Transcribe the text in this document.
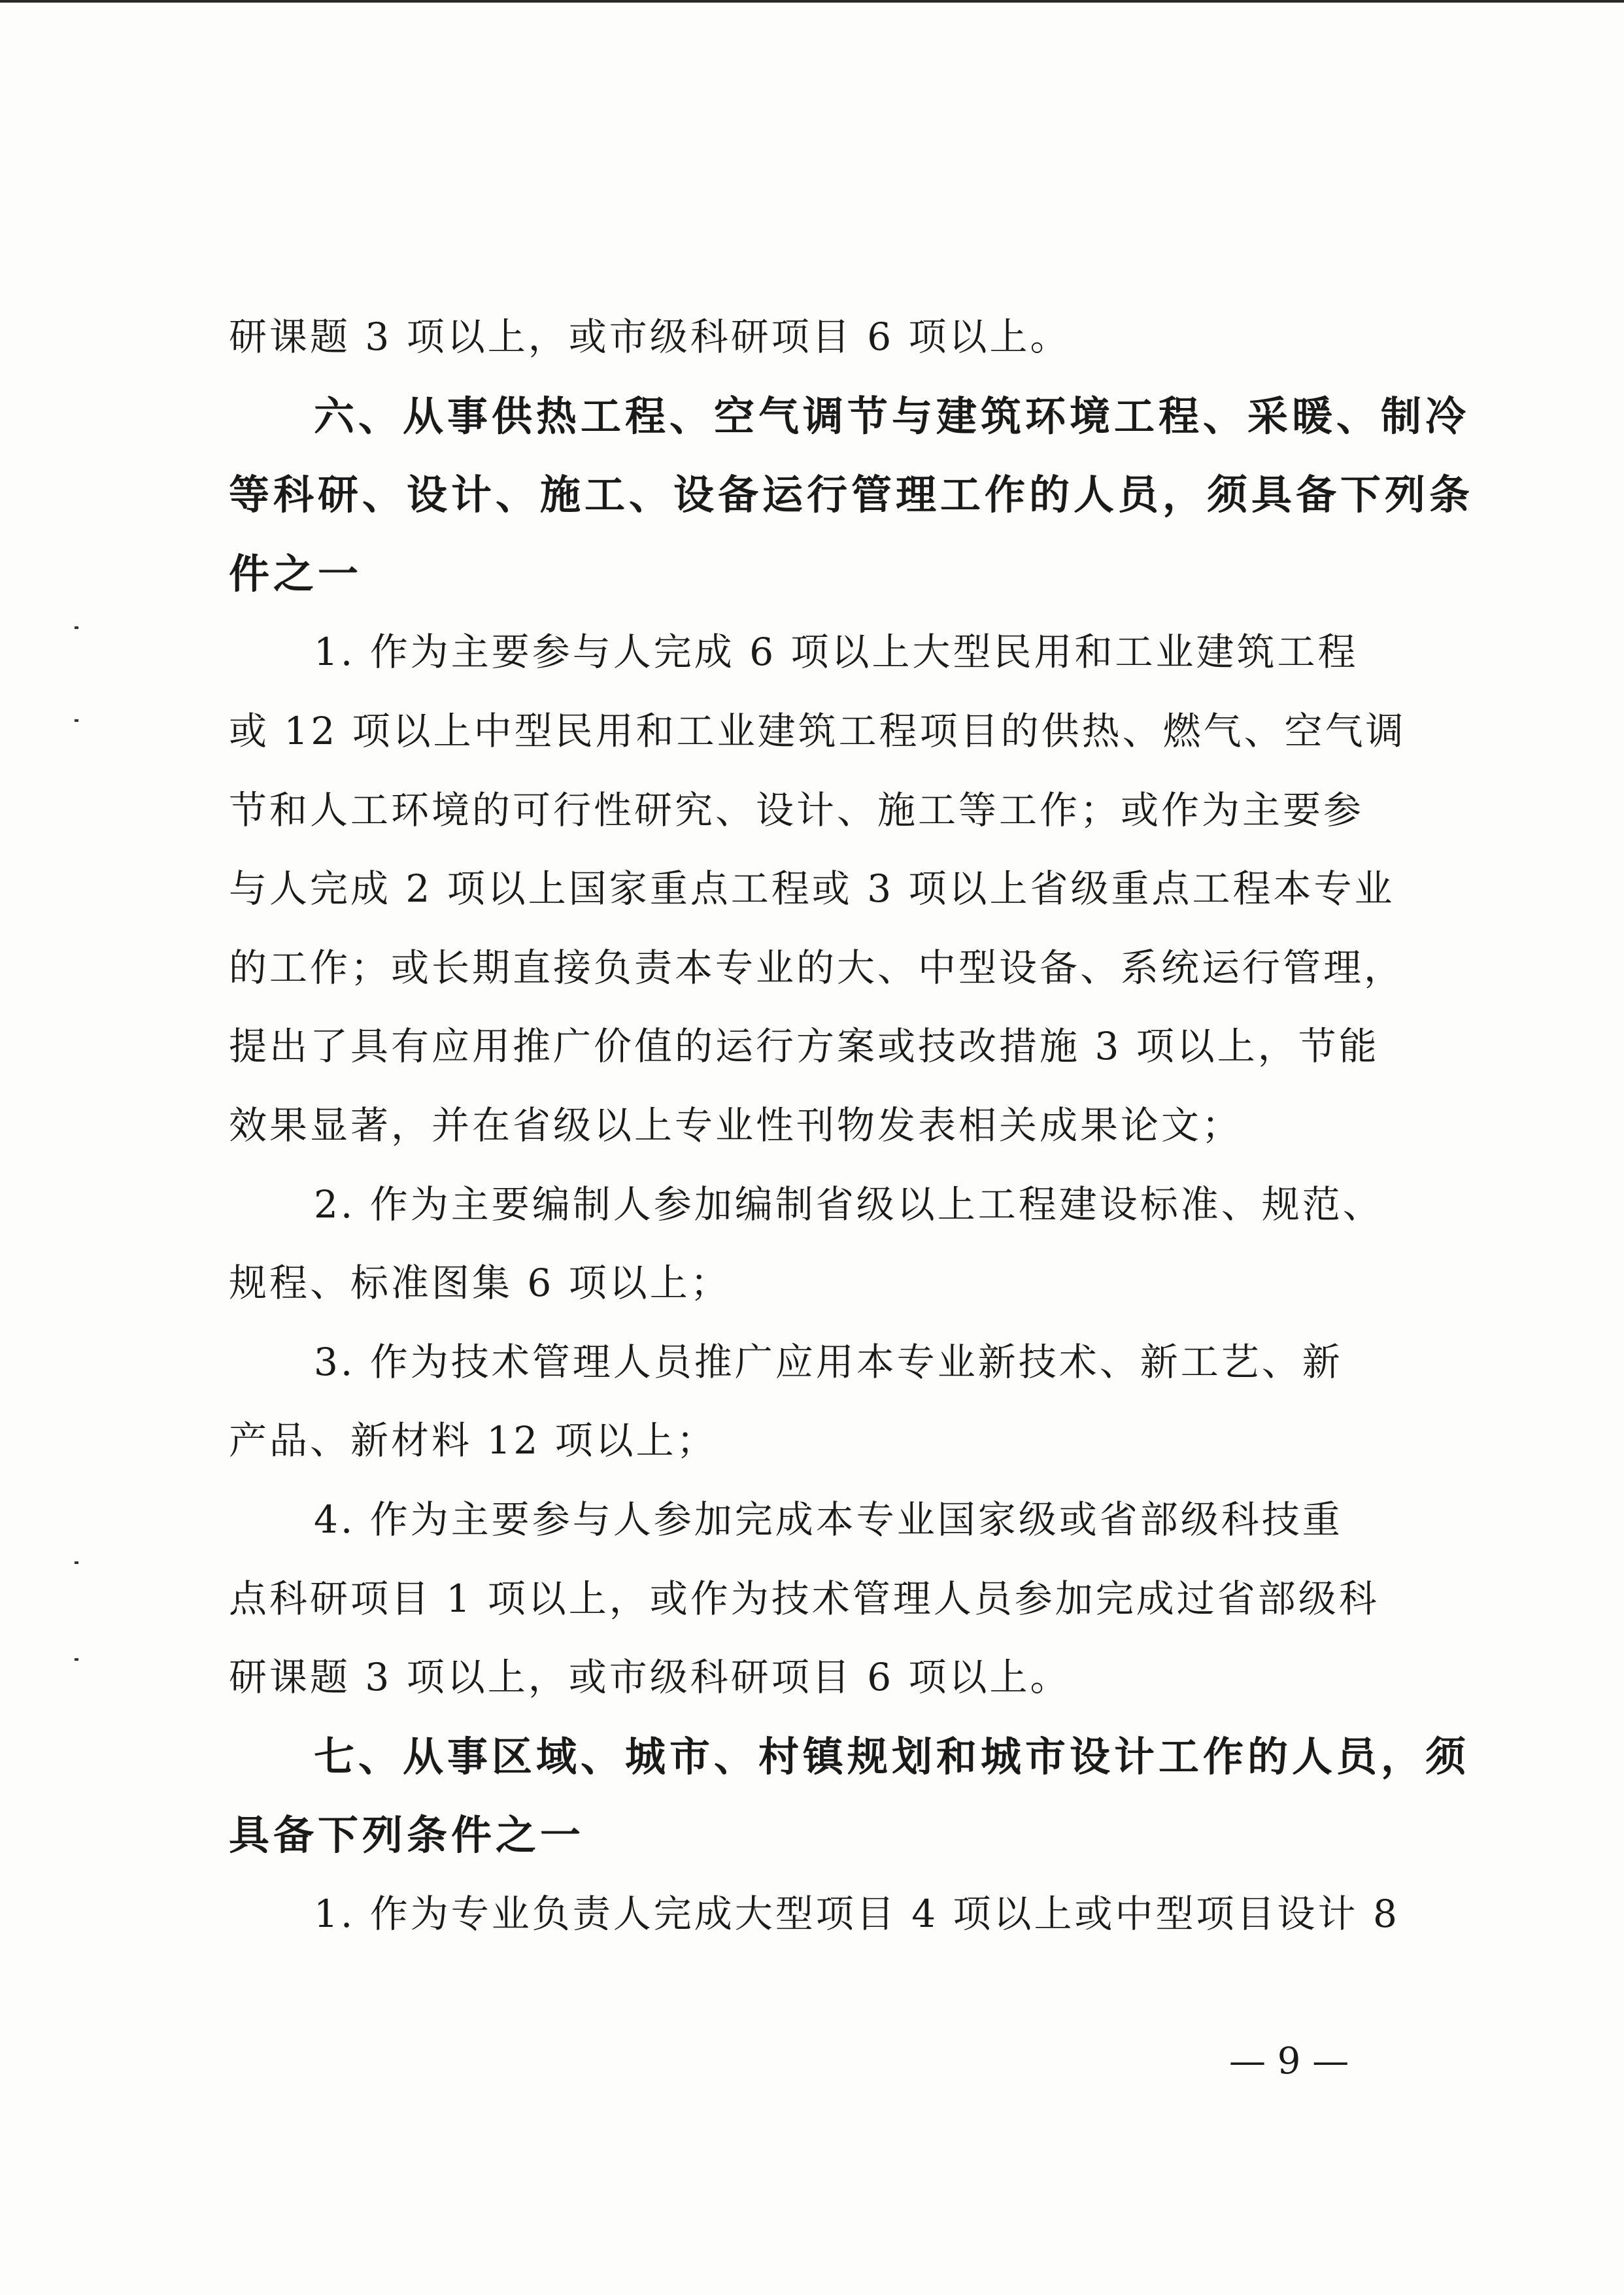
研课题 3 项以上，或市级科研项目 6 项以上。
六、从事供热工程、空气调节与建筑环境工程、采暖、制冷
等科研、设计、施工、设备运行管理工作的人员，须具备下列条
件之一
1. 作为主要参与人完成 6 项以上大型民用和工业建筑工程
或 12 项以上中型民用和工业建筑工程项目的供热、燃气、空气调
节和人工环境的可行性研究、设计、施工等工作；或作为主要参
与人完成 2 项以上国家重点工程或 3 项以上省级重点工程本专业
的工作；或长期直接负责本专业的大、中型设备、系统运行管理，
提出了具有应用推广价值的运行方案或技改措施 3 项以上，节能
效果显著，并在省级以上专业性刊物发表相关成果论文；
2. 作为主要编制人参加编制省级以上工程建设标准、规范、
规程、标准图集 6 项以上；
3. 作为技术管理人员推广应用本专业新技术、新工艺、新
产品、新材料 12 项以上；
4. 作为主要参与人参加完成本专业国家级或省部级科技重
点科研项目 1 项以上，或作为技术管理人员参加完成过省部级科
研课题 3 项以上，或市级科研项目 6 项以上。
七、从事区域、城市、村镇规划和城市设计工作的人员，须
具备下列条件之一
1. 作为专业负责人完成大型项目 4 项以上或中型项目设计 8
— 9 —
